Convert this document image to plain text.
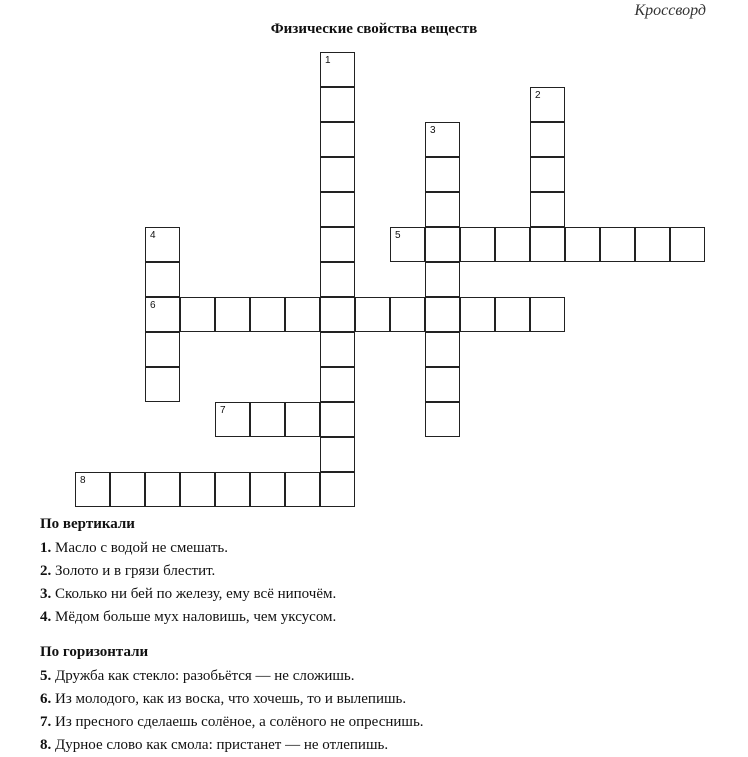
Кроссворд
Физические свойства веществ
1
2
3
4
6
5
7
8
По вертикали
1. Масло с водой не смешать.
2. Золото и в грязи блестит.
3. Сколько ни бей по железу, ему всё нипочём.
4. Мёдом больше мух наловишь, чем уксусом.
По горизонтали
5. Дружба как стекло: разобьётся — не сложишь.
6. Из молодого, как из воска, что хочешь, то и вылепишь.
7. Из пресного сделаешь солёное, а солёного не опреснишь.
8. Дурное слово как смола: пристанет — не отлепишь.
